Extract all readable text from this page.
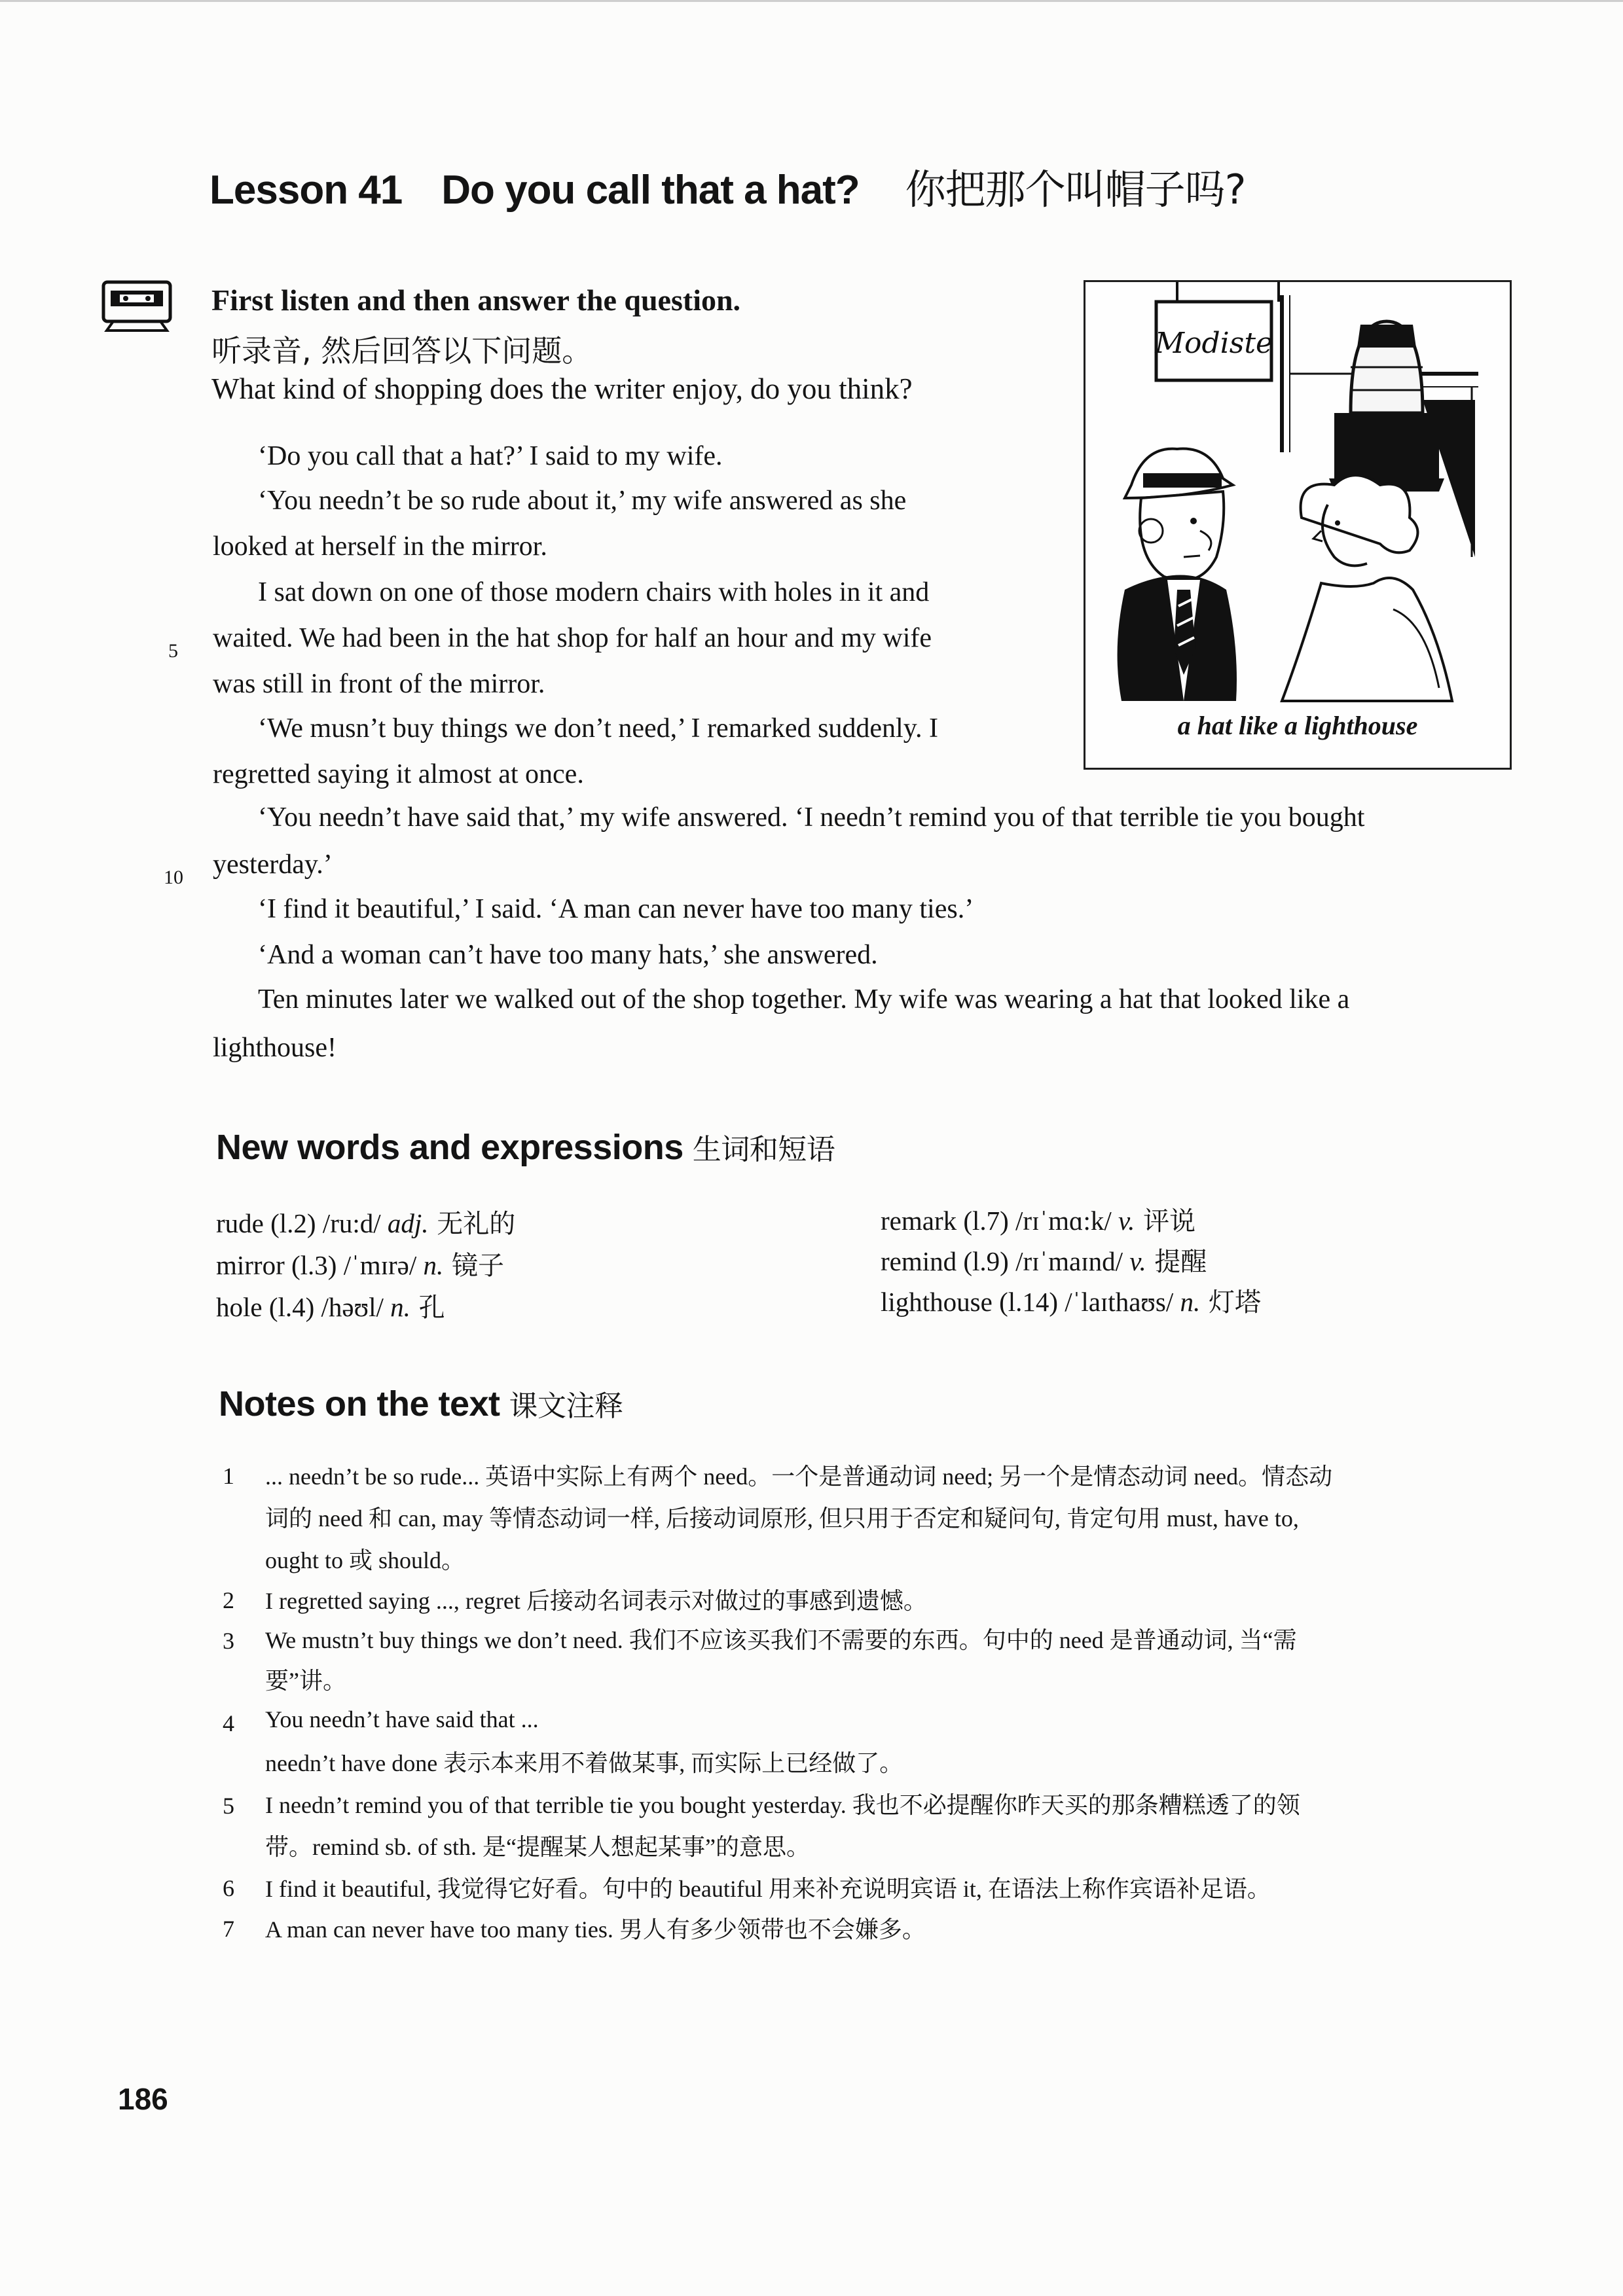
Lesson 41 Do you call that a hat? 你把那个叫帽子吗?
First listen and then answer the question.
听录音, 然后回答以下问题。
What kind of shopping does the writer enjoy, do you think?
‘Do you call that a hat?’ I said to my wife.
‘You needn’t be so rude about it,’ my wife answered as she
looked at herself in the mirror.
I sat down on one of those modern chairs with holes in it and
waited. We had been in the hat shop for half an hour and my wife
was still in front of the mirror.
‘We musn’t buy things we don’t need,’ I remarked suddenly. I
regretted saying it almost at once.
‘You needn’t have said that,’ my wife answered. ‘I needn’t remind you of that terrible tie you bought
yesterday.’
‘I find it beautiful,’ I said. ‘A man can never have too many ties.’
‘And a woman can’t have too many hats,’ she answered.
Ten minutes later we walked out of the shop together. My wife was wearing a hat that looked like a
lighthouse!
5
10
Modiste
a hat like a lighthouse
New words and expressions 生词和短语
rude (l.2) /ru:d/ adj. 无礼的
mirror (l.3) /ˈmɪrə/ n. 镜子
hole (l.4) /həʊl/ n. 孔
remark (l.7) /rɪˈmɑ:k/ v. 评说
remind (l.9) /rɪˈmaɪnd/ v. 提醒
lighthouse (l.14) /ˈlaɪthaʊs/ n. 灯塔
Notes on the text 课文注释
1 ... needn’t be so rude... 英语中实际上有两个 need。一个是普通动词 need; 另一个是情态动词 need。情态动
词的 need 和 can, may 等情态动词一样, 后接动词原形, 但只用于否定和疑问句, 肯定句用 must, have to,
ought to 或 should。
2 I regretted saying ..., regret 后接动名词表示对做过的事感到遗憾。
3 We mustn’t buy things we don’t need. 我们不应该买我们不需要的东西。句中的 need 是普通动词, 当“需
要”讲。
4 You needn’t have said that ...
needn’t have done 表示本来用不着做某事, 而实际上已经做了。
5 I needn’t remind you of that terrible tie you bought yesterday. 我也不必提醒你昨天买的那条糟糕透了的领
带。remind sb. of sth. 是“提醒某人想起某事”的意思。
6 I find it beautiful, 我觉得它好看。句中的 beautiful 用来补充说明宾语 it, 在语法上称作宾语补足语。
7 A man can never have too many ties. 男人有多少领带也不会嫌多。
186
